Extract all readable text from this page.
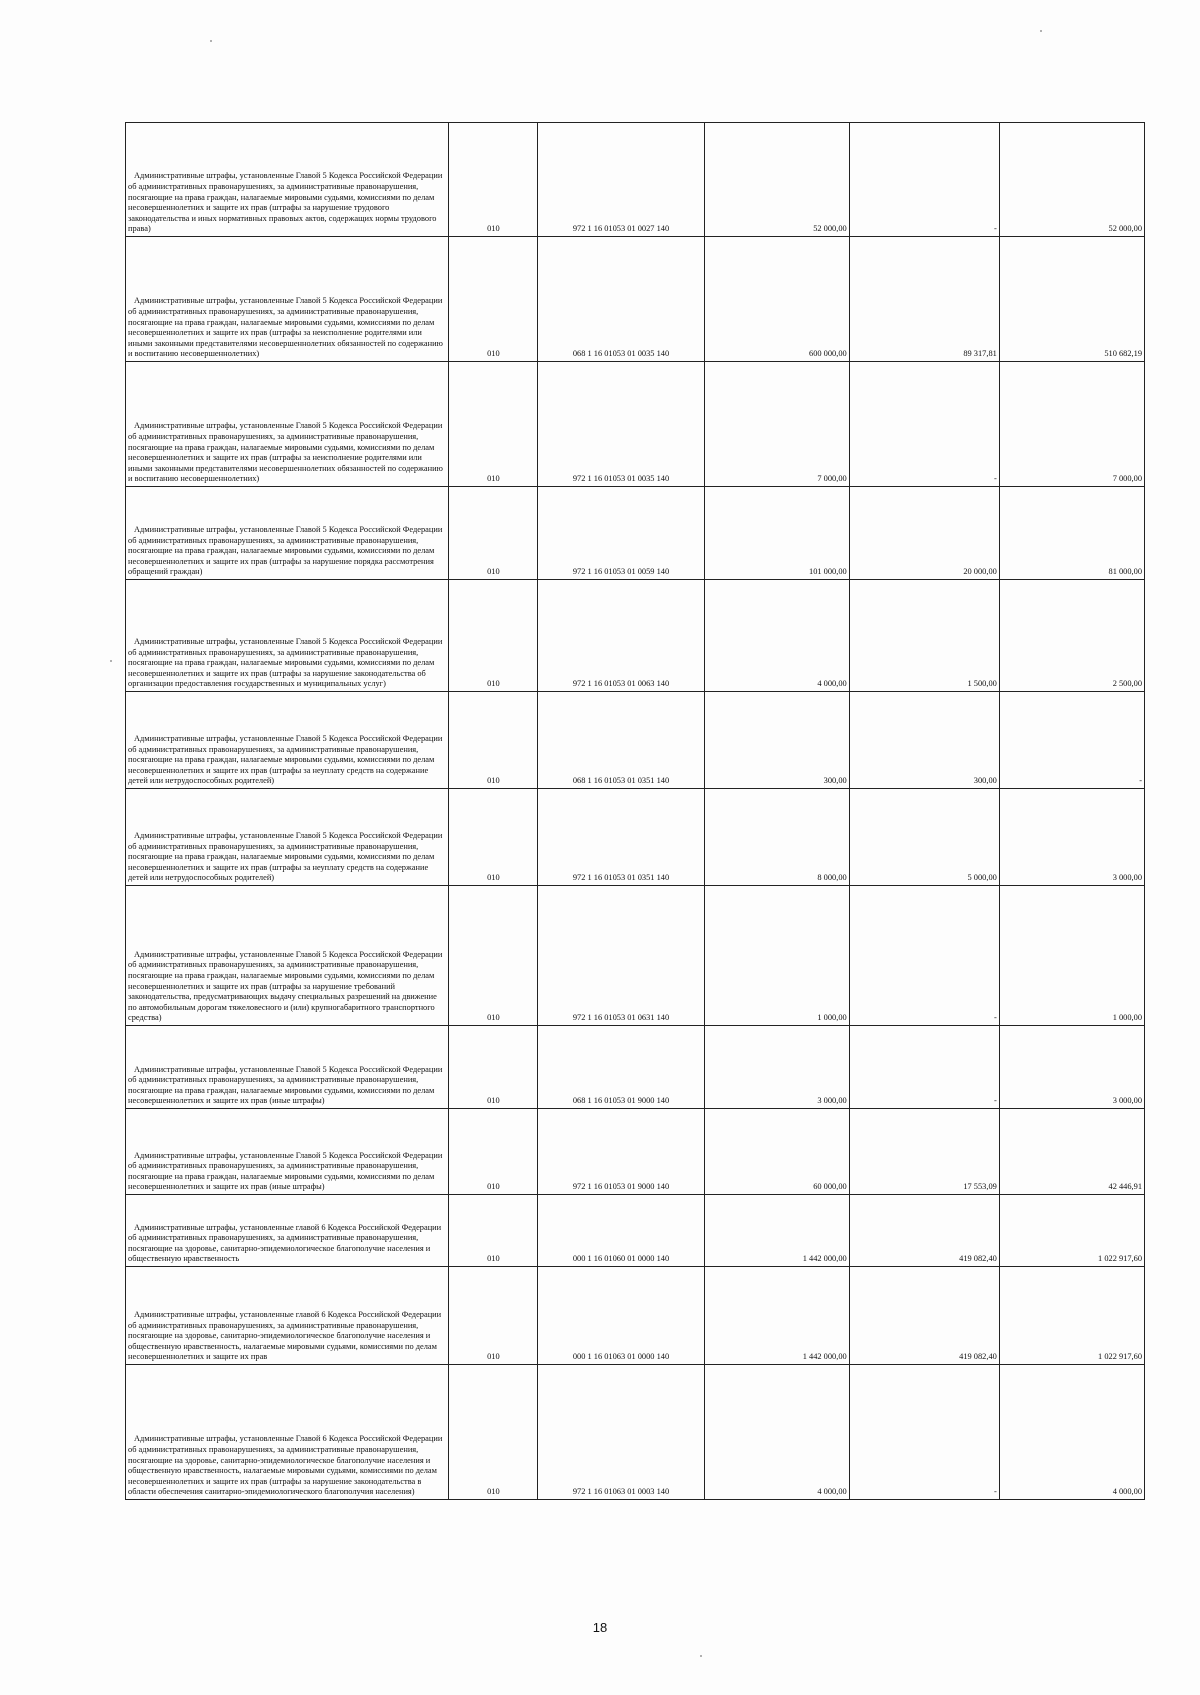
Административные штрафы, установленные Главой 5 Кодекса Российской Федерации об административных правонарушениях, за административные правонарушения, посягающие на права граждан, налагаемые мировыми судьями, комиссиями по делам несовершеннолетних и защите их прав (штрафы за нарушение трудового законодательства и иных нормативных правовых актов, содержащих нормы трудового права)	010	972 1 16 01053 01 0027 140	52 000,00	-	52 000,00
Административные штрафы, установленные Главой 5 Кодекса Российской Федерации об административных правонарушениях, за административные правонарушения, посягающие на права граждан, налагаемые мировыми судьями, комиссиями по делам несовершеннолетних и защите их прав (штрафы за неисполнение родителями или иными законными представителями несовершеннолетних обязанностей по содержанию и воспитанию несовершеннолетних)	010	068 1 16 01053 01 0035 140	600 000,00	89 317,81	510 682,19
Административные штрафы, установленные Главой 5 Кодекса Российской Федерации об административных правонарушениях, за административные правонарушения, посягающие на права граждан, налагаемые мировыми судьями, комиссиями по делам несовершеннолетних и защите их прав (штрафы за неисполнение родителями или иными законными представителями несовершеннолетних обязанностей по содержанию и воспитанию несовершеннолетних)	010	972 1 16 01053 01 0035 140	7 000,00	-	7 000,00
Административные штрафы, установленные Главой 5 Кодекса Российской Федерации об административных правонарушениях, за административные правонарушения, посягающие на права граждан, налагаемые мировыми судьями, комиссиями по делам несовершеннолетних и защите их прав (штрафы за нарушение порядка рассмотрения обращений граждан)	010	972 1 16 01053 01 0059 140	101 000,00	20 000,00	81 000,00
Административные штрафы, установленные Главой 5 Кодекса Российской Федерации об административных правонарушениях, за административные правонарушения, посягающие на права граждан, налагаемые мировыми судьями, комиссиями по делам несовершеннолетних и защите их прав (штрафы за нарушение законодательства об организации предоставления государственных и муниципальных услуг)	010	972 1 16 01053 01 0063 140	4 000,00	1 500,00	2 500,00
Административные штрафы, установленные Главой 5 Кодекса Российской Федерации об административных правонарушениях, за административные правонарушения, посягающие на права граждан, налагаемые мировыми судьями, комиссиями по делам несовершеннолетних и защите их прав (штрафы за неуплату средств на содержание детей или нетрудоспособных родителей)	010	068 1 16 01053 01 0351 140	300,00	300,00	-
Административные штрафы, установленные Главой 5 Кодекса Российской Федерации об административных правонарушениях, за административные правонарушения, посягающие на права граждан, налагаемые мировыми судьями, комиссиями по делам несовершеннолетних и защите их прав (штрафы за неуплату средств на содержание детей или нетрудоспособных родителей)	010	972 1 16 01053 01 0351 140	8 000,00	5 000,00	3 000,00
Административные штрафы, установленные Главой 5 Кодекса Российской Федерации об административных правонарушениях, за административные правонарушения, посягающие на права граждан, налагаемые мировыми судьями, комиссиями по делам несовершеннолетних и защите их прав (штрафы за нарушение требований законодательства, предусматривающих выдачу специальных разрешений на движение по автомобильным дорогам тяжеловесного и (или) крупногабаритного транспортного средства)	010	972 1 16 01053 01 0631 140	1 000,00	-	1 000,00
Административные штрафы, установленные Главой 5 Кодекса Российской Федерации об административных правонарушениях, за административные правонарушения, посягающие на права граждан, налагаемые мировыми судьями, комиссиями по делам несовершеннолетних и защите их прав (иные штрафы)	010	068 1 16 01053 01 9000 140	3 000,00	-	3 000,00
Административные штрафы, установленные Главой 5 Кодекса Российской Федерации об административных правонарушениях, за административные правонарушения, посягающие на права граждан, налагаемые мировыми судьями, комиссиями по делам несовершеннолетних и защите их прав (иные штрафы)	010	972 1 16 01053 01 9000 140	60 000,00	17 553,09	42 446,91
Административные штрафы, установленные главой 6 Кодекса Российской Федерации об административных правонарушениях, за административные правонарушения, посягающие на здоровье, санитарно-эпидемиологическое благополучие населения и общественную нравственность	010	000 1 16 01060 01 0000 140	1 442 000,00	419 082,40	1 022 917,60
Административные штрафы, установленные главой 6 Кодекса Российской Федерации об административных правонарушениях, за административные правонарушения, посягающие на здоровье, санитарно-эпидемиологическое благополучие населения и общественную нравственность, налагаемые мировыми судьями, комиссиями по делам несовершеннолетних и защите их прав	010	000 1 16 01063 01 0000 140	1 442 000,00	419 082,40	1 022 917,60
Административные штрафы, установленные Главой 6 Кодекса Российской Федерации об административных правонарушениях, за административные правонарушения, посягающие на здоровье, санитарно-эпидемиологическое благополучие населения и общественную нравственность, налагаемые мировыми судьями, комиссиями по делам несовершеннолетних и защите их прав (штрафы за нарушение законодательства в области обеспечения санитарно-эпидемиологического благополучия населения)	010	972 1 16 01063 01 0003 140	4 000,00	-	4 000,00
18
